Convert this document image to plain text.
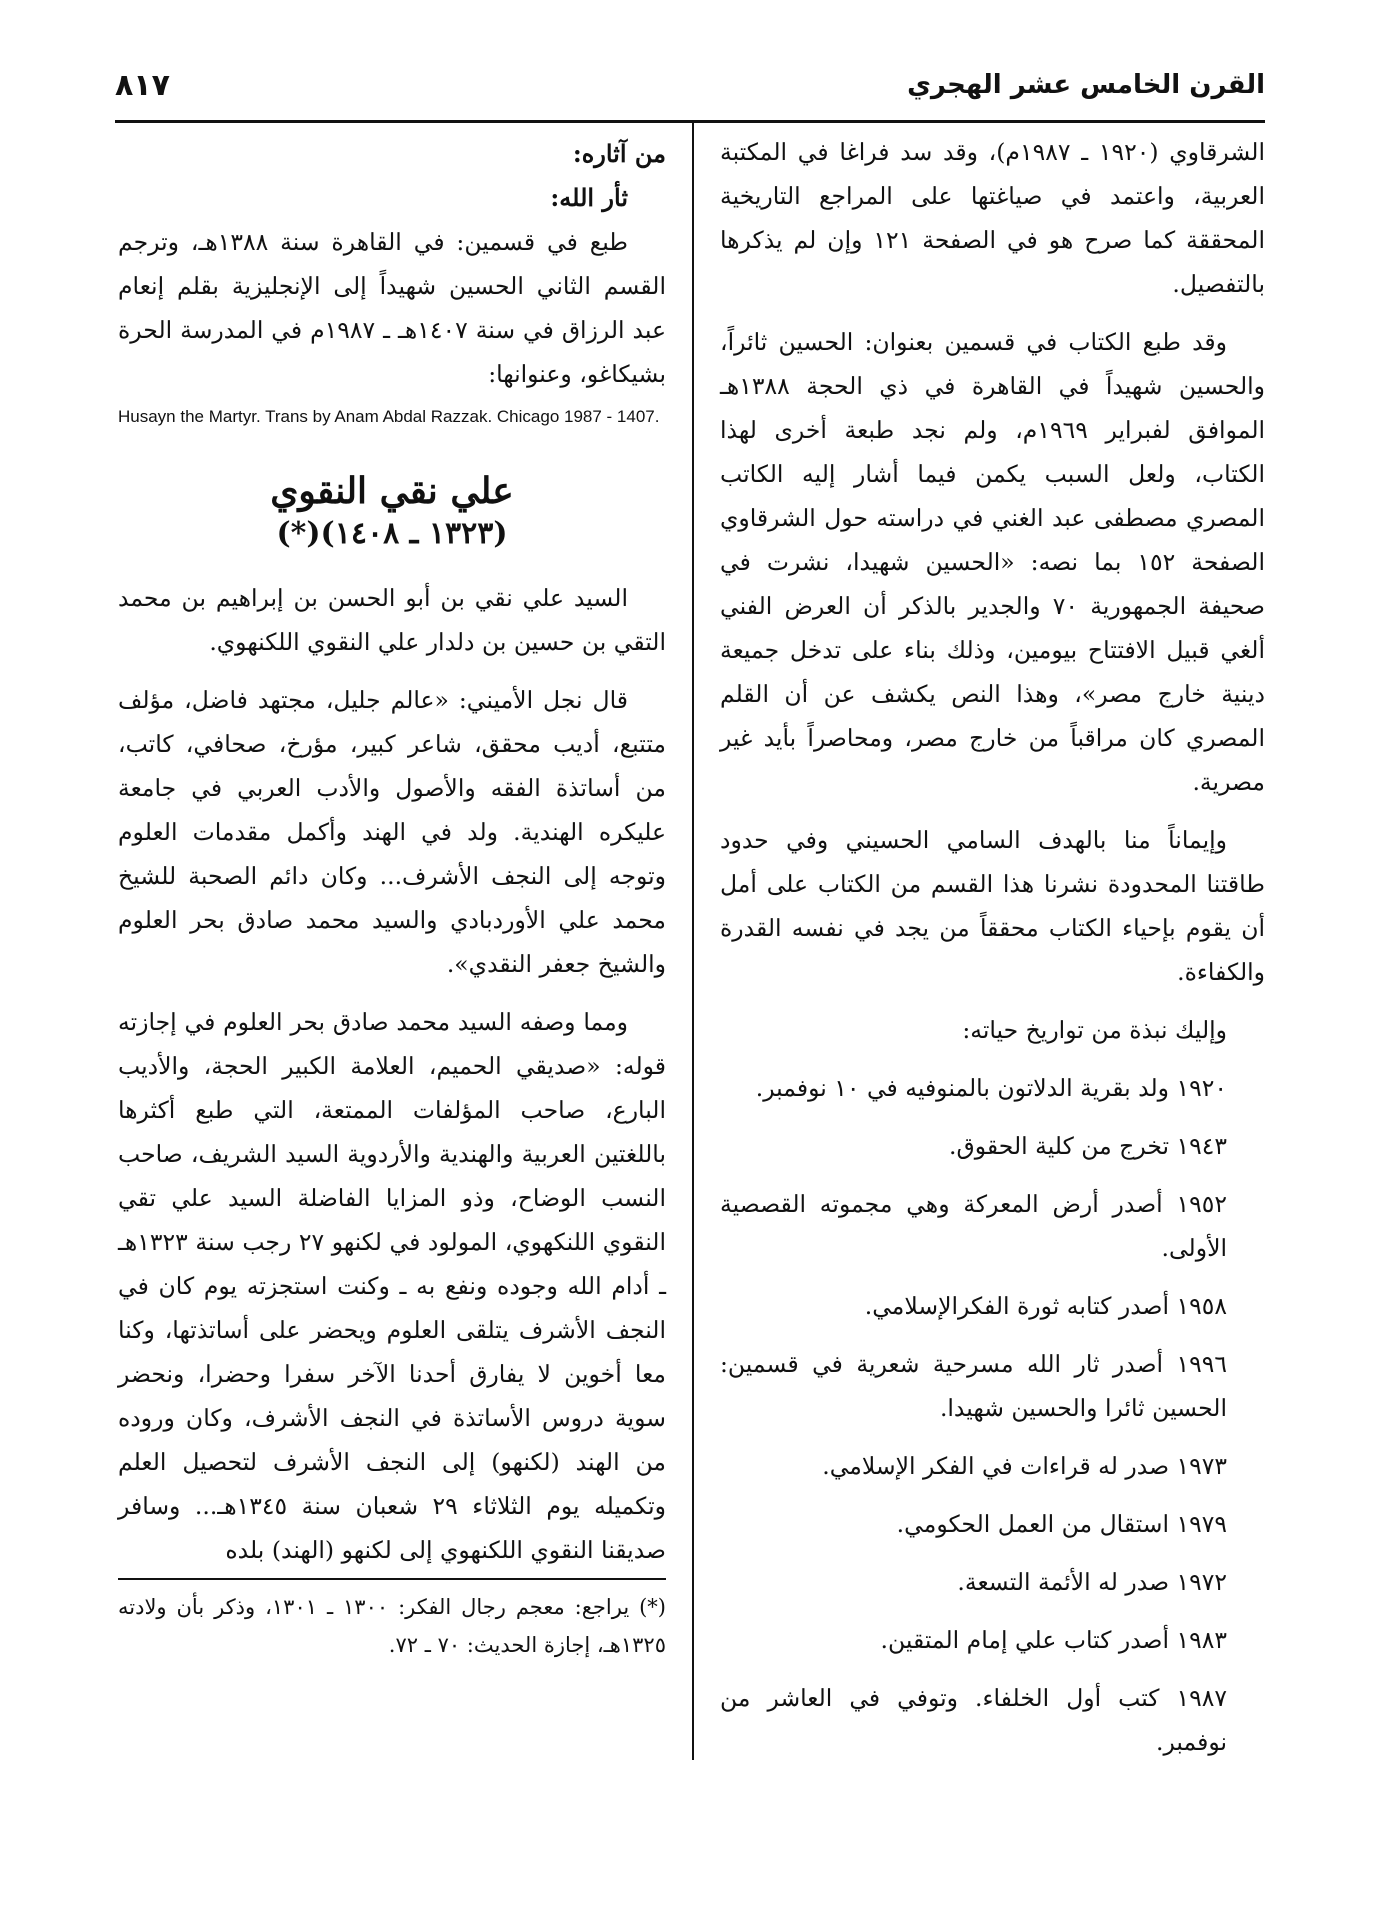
القرن الخامس عشر الهجري
٨١٧

الشرقاوي (١٩٢٠ ـ ١٩٨٧م)، وقد سد فراغا في المكتبة العربية، واعتمد في صياغتها على المراجع التاريخية المحققة كما صرح هو في الصفحة ١٢١ وإن لم يذكرها بالتفصيل.

وقد طبع الكتاب في قسمين بعنوان: الحسين ثائراً، والحسين شهيداً في القاهرة في ذي الحجة ١٣٨٨هـ الموافق لفبراير ١٩٦٩م، ولم نجد طبعة أخرى لهذا الكتاب، ولعل السبب يكمن فيما أشار إليه الكاتب المصري مصطفى عبد الغني في دراسته حول الشرقاوي الصفحة ١٥٢ بما نصه: «الحسين شهيدا، نشرت في صحيفة الجمهورية ٧٠ والجدير بالذكر أن العرض الفني ألغي قبيل الافتتاح بيومين، وذلك بناء على تدخل جميعة دينية خارج مصر»، وهذا النص يكشف عن أن القلم المصري كان مراقباً من خارج مصر، ومحاصراً بأيد غير مصرية.

وإيماناً منا بالهدف السامي الحسيني وفي حدود طاقتنا المحدودة نشرنا هذا القسم من الكتاب على أمل أن يقوم بإحياء الكتاب محققاً من يجد في نفسه القدرة والكفاءة.

وإليك نبذة من تواريخ حياته:

١٩٢٠ ولد بقرية الدلاتون بالمنوفيه في ١٠ نوفمبر.

١٩٤٣ تخرج من كلية الحقوق.

١٩٥٢ أصدر أرض المعركة وهي مجموته القصصية الأولى.

١٩٥٨ أصدر كتابه ثورة الفكرالإسلامي.

١٩٩٦ أصدر ثار الله مسرحية شعرية في قسمين: الحسين ثائرا والحسين شهيدا.

١٩٧٣ صدر له قراءات في الفكر الإسلامي.

١٩٧٩ استقال من العمل الحكومي.

١٩٧٢ صدر له الأئمة التسعة.

١٩٨٣ أصدر كتاب علي إمام المتقين.

١٩٨٧ كتب أول الخلفاء. وتوفي في العاشر من نوفمبر.

من آثاره:

ثأر الله:

طبع في قسمين: في القاهرة سنة ١٣٨٨هـ، وترجم القسم الثاني الحسين شهيداً إلى الإنجليزية بقلم إنعام عبد الرزاق في سنة ١٤٠٧هـ ـ ١٩٨٧م في المدرسة الحرة بشيكاغو، وعنوانها:

Husayn the Martyr. Trans by Anam Abdal Razzak. Chicago 1987 - 1407.

علي نقي النقوي
(١٣٢٣ ـ ١٤٠٨)(*)

السيد علي نقي بن أبو الحسن بن إبراهيم بن محمد التقي بن حسين بن دلدار علي النقوي اللكنهوي.

قال نجل الأميني: «عالم جليل، مجتهد فاضل، مؤلف متتبع، أديب محقق، شاعر كبير، مؤرخ، صحافي، كاتب، من أساتذة الفقه والأصول والأدب العربي في جامعة عليكره الهندية. ولد في الهند وأكمل مقدمات العلوم وتوجه إلى النجف الأشرف... وكان دائم الصحبة للشيخ محمد علي الأوردبادي والسيد محمد صادق بحر العلوم والشيخ جعفر النقدي».

ومما وصفه السيد محمد صادق بحر العلوم في إجازته قوله: «صديقي الحميم، العلامة الكبير الحجة، والأديب البارع، صاحب المؤلفات الممتعة، التي طبع أكثرها باللغتين العربية والهندية والأردوية السيد الشريف، صاحب النسب الوضاح، وذو المزايا الفاضلة السيد علي تقي النقوي اللنكهوي، المولود في لكنهو ٢٧ رجب سنة ١٣٢٣هـ ـ أدام الله وجوده ونفع به ـ وكنت استجزته يوم كان في النجف الأشرف يتلقى العلوم ويحضر على أساتذتها، وكنا معا أخوين لا يفارق أحدنا الآخر سفرا وحضرا، ونحضر سوية دروس الأساتذة في النجف الأشرف، وكان وروده من الهند (لكنهو) إلى النجف الأشرف لتحصيل العلم وتكميله يوم الثلاثاء ٢٩ شعبان سنة ١٣٤٥هـ... وسافر صديقنا النقوي اللكنهوي إلى لكنهو (الهند) بلده

(*) يراجع: معجم رجال الفكر: ١٣٠٠ ـ ١٣٠١، وذكر بأن ولادته ١٣٢٥هـ، إجازة الحديث: ٧٠ ـ ٧٢.
